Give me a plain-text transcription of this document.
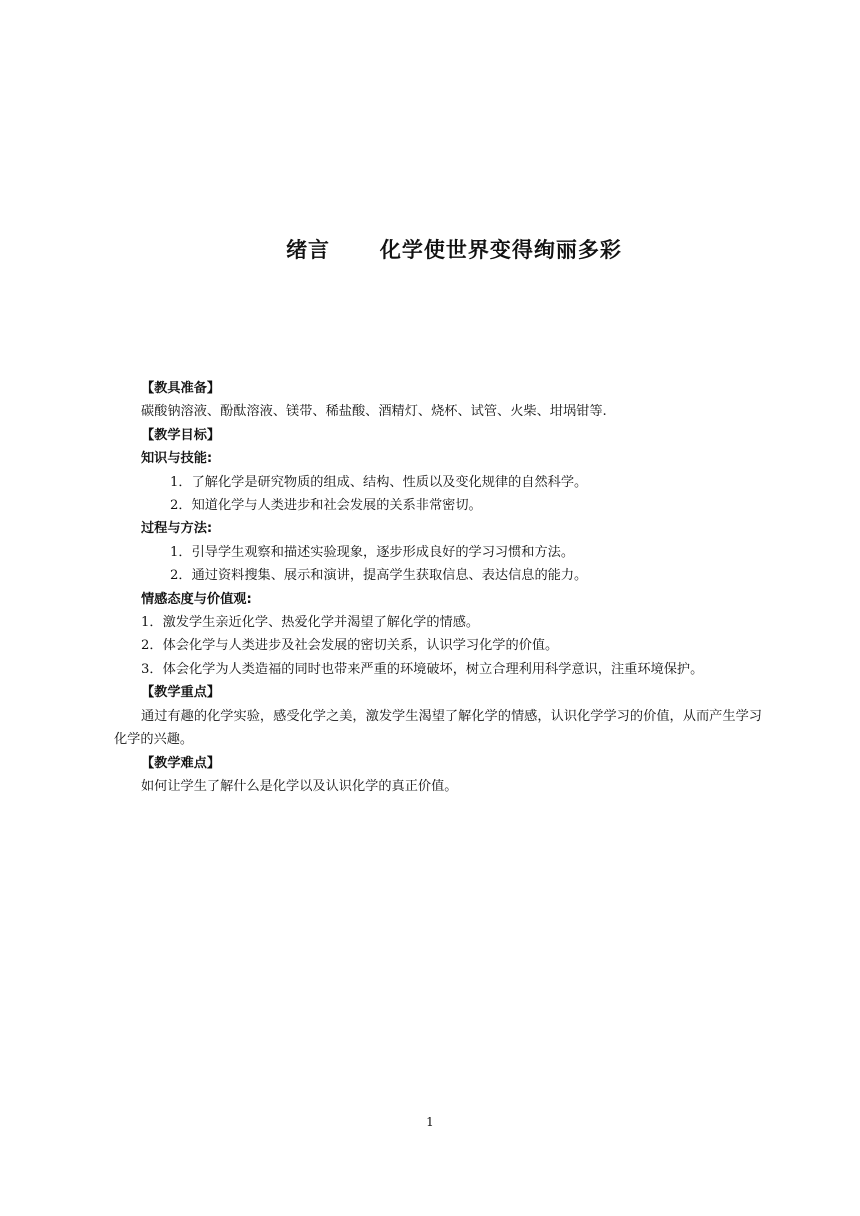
绪言      化学使世界变得绚丽多彩
【教具准备】
碳酸钠溶液、酚酞溶液、镁带、稀盐酸、酒精灯、烧杯、试管、火柴、坩埚钳等.
【教学目标】
知识与技能:
1．了解化学是研究物质的组成、结构、性质以及变化规律的自然科学。
2．知道化学与人类进步和社会发展的关系非常密切。
过程与方法:
1．引导学生观察和描述实验现象，逐步形成良好的学习习惯和方法。
2．通过资料搜集、展示和演讲，提高学生获取信息、表达信息的能力。
情感态度与价值观:
1．激发学生亲近化学、热爱化学并渴望了解化学的情感。
2．体会化学与人类进步及社会发展的密切关系，认识学习化学的价值。
3．体会化学为人类造福的同时也带来严重的环境破坏，树立合理利用科学意识，注重环境保护。
【教学重点】
通过有趣的化学实验，感受化学之美，激发学生渴望了解化学的情感，认识化学学习的价值，从而产生学习化学的兴趣。
【教学难点】
如何让学生了解什么是化学以及认识化学的真正价值。
1
